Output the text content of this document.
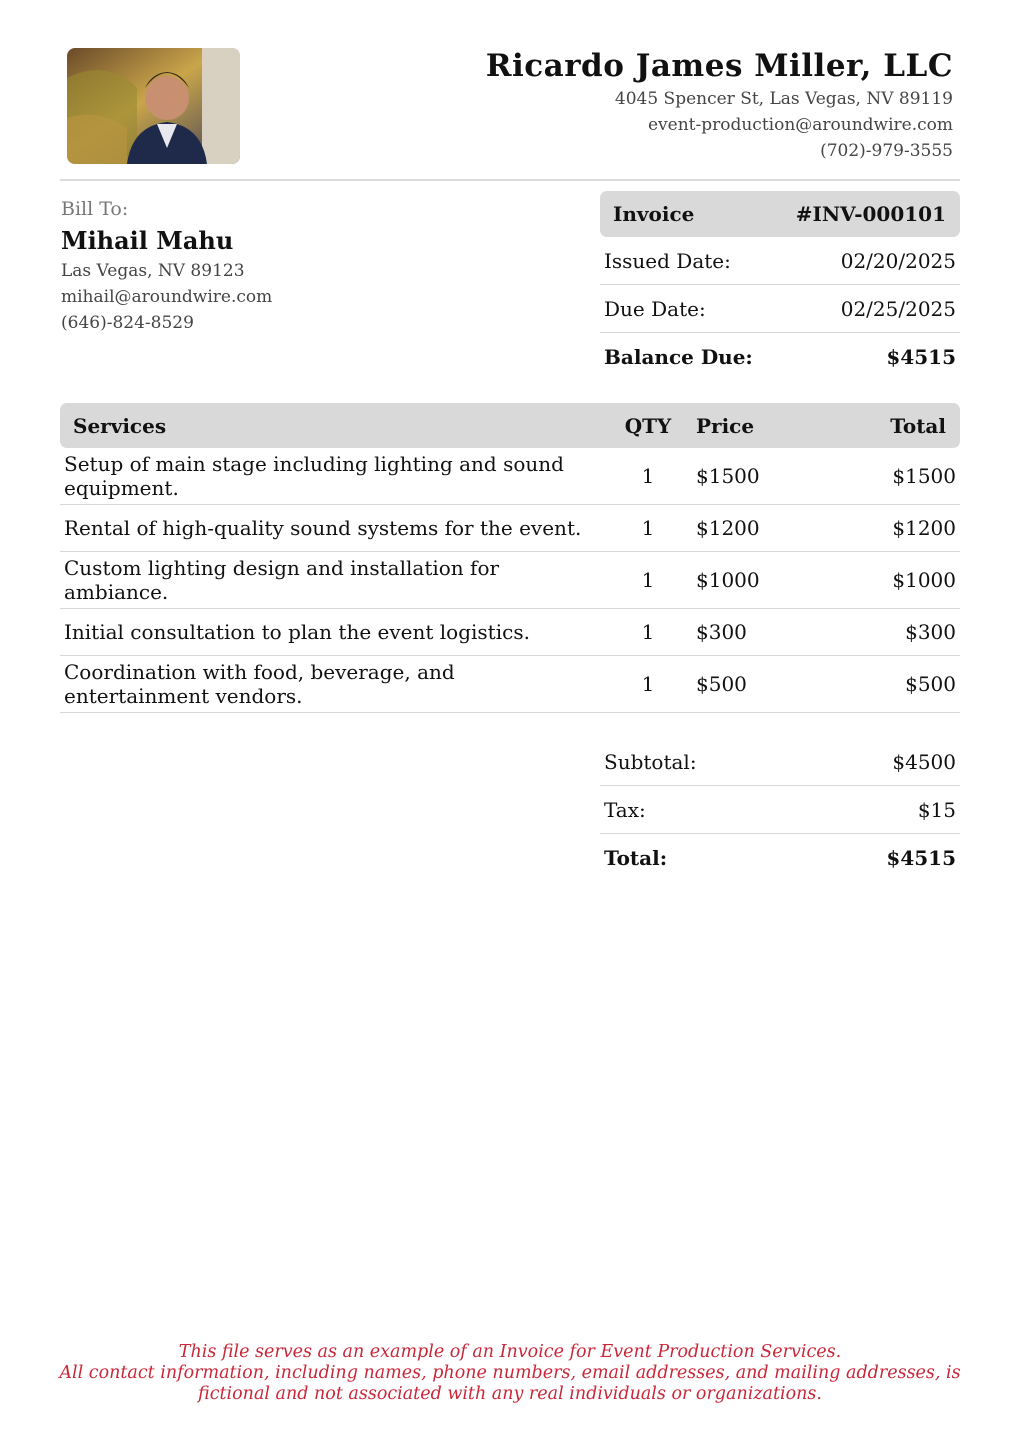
Ricardo James Miller, LLC
4045 Spencer St, Las Vegas, NV 89119
event-production@aroundwire.com
(702)-979-3555
Bill To:
Mihail Mahu
Las Vegas, NV 89123
mihail@aroundwire.com
(646)-824-8529
Invoice	#INV-000101
Issued Date:	02/20/2025
Due Date:	02/25/2025
Balance Due:	$4515
Services	QTY	Price	Total
Setup of main stage including lighting and sound equipment.	1	$1500	$1500
Rental of high-quality sound systems for the event.	1	$1200	$1200
Custom lighting design and installation for ambiance.	1	$1000	$1000
Initial consultation to plan the event logistics.	1	$300	$300
Coordination with food, beverage, and entertainment vendors.	1	$500	$500
Subtotal:	$4500
Tax:	$15
Total:	$4515
This file serves as an example of an Invoice for Event Production Services.
All contact information, including names, phone numbers, email addresses, and mailing addresses, is
fictional and not associated with any real individuals or organizations.
